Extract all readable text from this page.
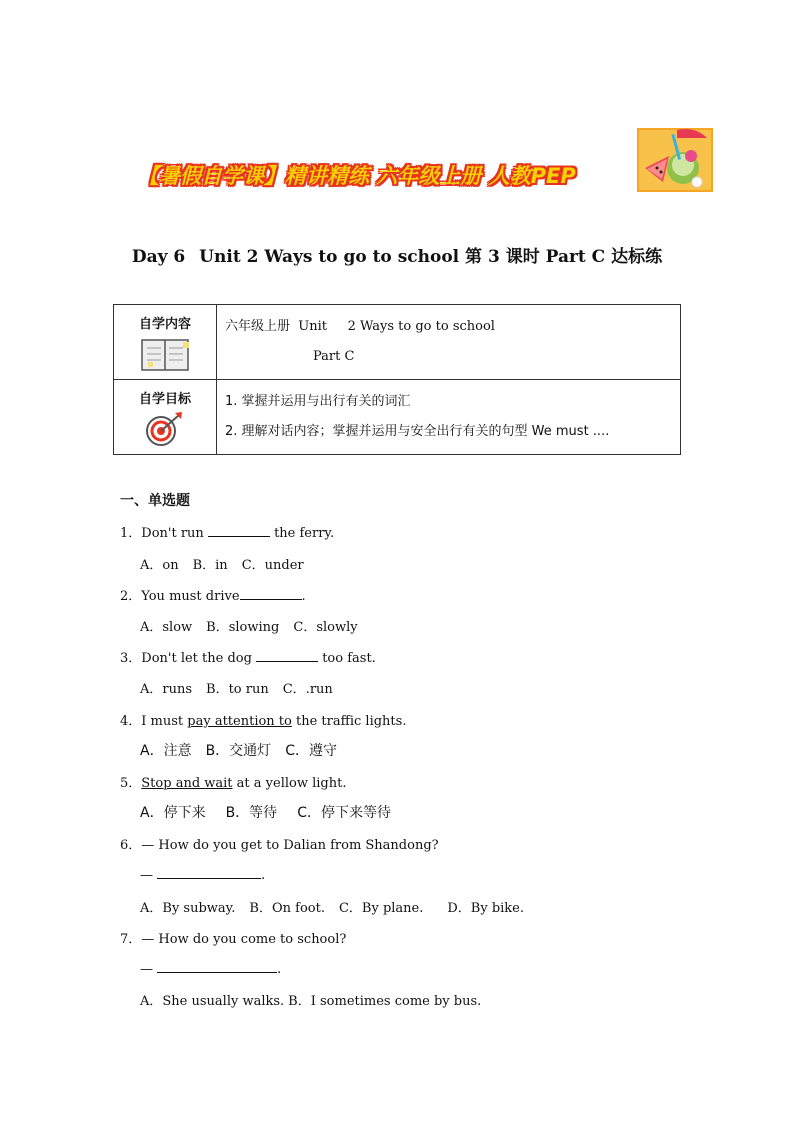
【暑假自学课】精讲精练 六年级上册 人教PEP
Day 6 Unit 2 Ways to go to school 第 3 课时 Part C 达标练
自学内容	六年级上册  Unit     2 Ways to go to school
Part C

自学目标	1. 掌握并运用与出行有关的词汇
2. 理解对话内容；掌握并运用与安全出行有关的句型 We must ....
一、单选题
1．Don't run	the ferry.
A．on B．in C．under
2．You must drive	.
A．slow B．slowing C．slowly
3．Don't let the dog	too fast.
A．runs B．to run C．.run
4．I must pay attention to the traffic lights.
A．注意 B．交通灯 C．遵守
5．Stop and wait at a yellow light.
A．停下来 B．等待 C．停下来等待
6．— How do you get to Dalian from Shandong?
—	.
A．By subway. B．On foot. C．By plane. D．By bike.
7．— How do you come to school?
—	.
A．She usually walks. B．I sometimes come by bus.
